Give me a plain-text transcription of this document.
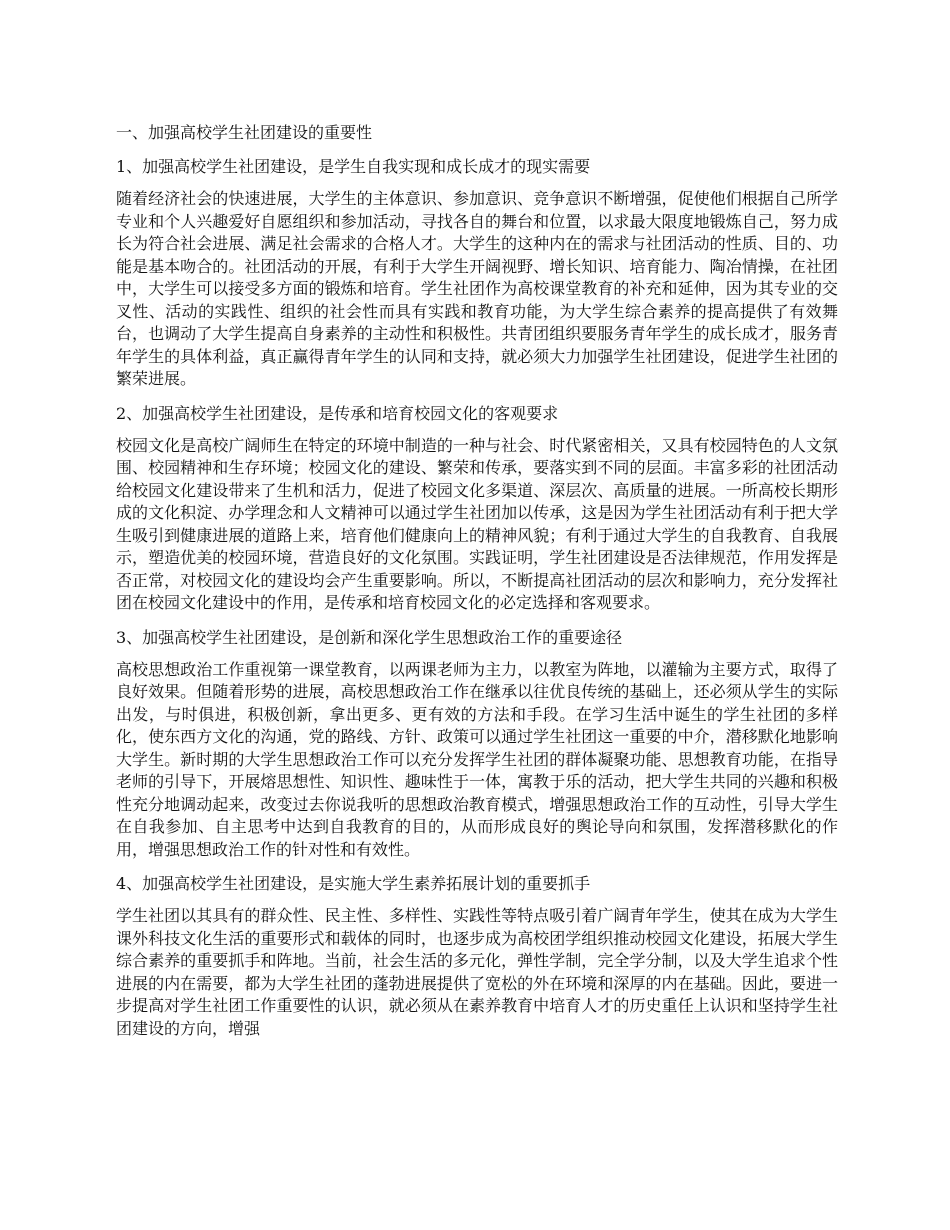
一、加强高校学生社团建设的重要性
1、加强高校学生社团建设，是学生自我实现和成长成才的现实需要
随着经济社会的快速进展，大学生的主体意识、参加意识、竞争意识不断增强，促使他们根据自己所学专业和个人兴趣爱好自愿组织和参加活动，寻找各自的舞台和位置，以求最大限度地锻炼自己，努力成长为符合社会进展、满足社会需求的合格人才。大学生的这种内在的需求与社团活动的性质、目的、功能是基本吻合的。社团活动的开展，有利于大学生开阔视野、增长知识、培育能力、陶冶情操，在社团中，大学生可以接受多方面的锻炼和培育。学生社团作为高校课堂教育的补充和延伸，因为其专业的交叉性、活动的实践性、组织的社会性而具有实践和教育功能，为大学生综合素养的提高提供了有效舞台，也调动了大学生提高自身素养的主动性和积极性。共青团组织要服务青年学生的成长成才，服务青年学生的具体利益，真正赢得青年学生的认同和支持，就必须大力加强学生社团建设，促进学生社团的繁荣进展。
2、加强高校学生社团建设，是传承和培育校园文化的客观要求
校园文化是高校广阔师生在特定的环境中制造的一种与社会、时代紧密相关，又具有校园特色的人文氛围、校园精神和生存环境；校园文化的建设、繁荣和传承，要落实到不同的层面。丰富多彩的社团活动给校园文化建设带来了生机和活力，促进了校园文化多渠道、深层次、高质量的进展。一所高校长期形成的文化积淀、办学理念和人文精神可以通过学生社团加以传承，这是因为学生社团活动有利于把大学生吸引到健康进展的道路上来，培育他们健康向上的精神风貌；有利于通过大学生的自我教育、自我展示，塑造优美的校园环境，营造良好的文化氛围。实践证明，学生社团建设是否法律规范，作用发挥是否正常，对校园文化的建设均会产生重要影响。所以，不断提高社团活动的层次和影响力，充分发挥社团在校园文化建设中的作用，是传承和培育校园文化的必定选择和客观要求。
3、加强高校学生社团建设，是创新和深化学生思想政治工作的重要途径
高校思想政治工作重视第一课堂教育，以两课老师为主力，以教室为阵地，以灌输为主要方式，取得了良好效果。但随着形势的进展，高校思想政治工作在继承以往优良传统的基础上，还必须从学生的实际出发，与时俱进，积极创新，拿出更多、更有效的方法和手段。在学习生活中诞生的学生社团的多样化，使东西方文化的沟通，党的路线、方针、政策可以通过学生社团这一重要的中介，潜移默化地影响大学生。新时期的大学生思想政治工作可以充分发挥学生社团的群体凝聚功能、思想教育功能，在指导老师的引导下，开展熔思想性、知识性、趣味性于一体，寓教于乐的活动，把大学生共同的兴趣和积极性充分地调动起来，改变过去你说我听的思想政治教育模式，增强思想政治工作的互动性，引导大学生在自我参加、自主思考中达到自我教育的目的，从而形成良好的舆论导向和氛围，发挥潜移默化的作用，增强思想政治工作的针对性和有效性。
4、加强高校学生社团建设，是实施大学生素养拓展计划的重要抓手
学生社团以其具有的群众性、民主性、多样性、实践性等特点吸引着广阔青年学生，使其在成为大学生课外科技文化生活的重要形式和载体的同时，也逐步成为高校团学组织推动校园文化建设，拓展大学生综合素养的重要抓手和阵地。当前，社会生活的多元化，弹性学制，完全学分制，以及大学生追求个性进展的内在需要，都为大学生社团的蓬勃进展提供了宽松的外在环境和深厚的内在基础。因此，要进一步提高对学生社团工作重要性的认识，就必须从在素养教育中培育人才的历史重任上认识和坚持学生社团建设的方向，增强
